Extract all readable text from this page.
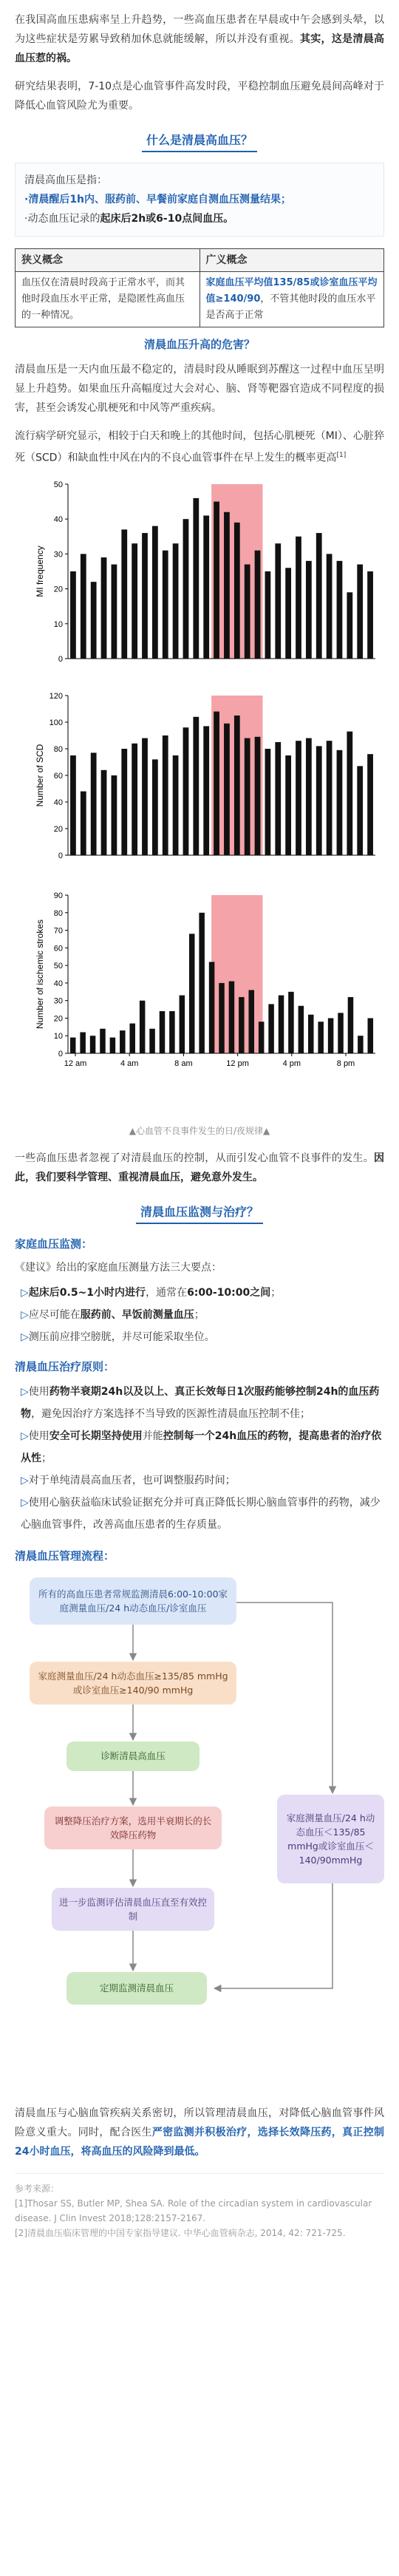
在我国高血压患病率呈上升趋势，一些高血压患者在早晨或中午会感到头晕，以为这些症状是劳累导致稍加休息就能缓解，所以并没有重视。其实，这是清晨高血压惹的祸。

研究结果表明，7-10点是心血管事件高发时段，平稳控制血压避免晨间高峰对于降低心血管风险尤为重要。

什么是清晨高血压？
清晨高血压是指：
·清晨醒后1h内、服药前、早餐前家庭自测血压测量结果；
·动态血压记录的起床后2h或6-10点间血压。
狭义概念	广义概念
血压仅在清晨时段高于正常水平，而其他时段血压水平正常，是隐匿性高血压的一种情况。	家庭血压平均值135/85或诊室血压平均值≥140/90，不管其他时段的血压水平是否高于正常
清晨血压升高的危害？

清晨血压是一天内血压最不稳定的，清晨时段从睡眠到苏醒这一过程中血压呈明显上升趋势。如果血压升高幅度过大会对心、脑、肾等靶器官造成不同程度的损害，甚至会诱发心肌梗死和中风等严重疾病。

流行病学研究显示，相较于白天和晚上的其他时间，包括心肌梗死（MI）、心脏猝死（SCD）和缺血性中风在内的不良心血管事件在早上发生的概率更高[1]

0
10
20
30
40
50
MI frequency
0
20
40
60
80
100
120
Number of SCD
0
10
20
30
40
50
60
70
80
90
Number of ischemic strokes
12 am	4 am	8 am	12 pm	4 pm	8 pm
▲心血管不良事件发生的日/夜规律▲

一些高血压患者忽视了对清晨血压的控制，从而引发心血管不良事件的发生。因此，我们要科学管理、重视清晨血压，避免意外发生。

清晨血压监测与治疗？
家庭血压监测：

《建议》给出的家庭血压测量方法三大要点：

▷起床后0.5~1小时内进行，通常在6:00-10:00之间；
▷应尽可能在服药前、早饭前测量血压；
▷测压前应排空膀胱，并尽可能采取坐位。
清晨血压治疗原则：
▷使用药物半衰期24h以及以上、真正长效每日1次服药能够控制24h的血压药物，避免因治疗方案选择不当导致的医源性清晨血压控制不佳；
▷使用安全可长期坚持使用并能控制每一个24h血压的药物，提高患者的治疗依从性；
▷对于单纯清晨高血压者，也可调整服药时间；
▷使用心脑获益临床试验证据充分并可真正降低长期心脑血管事件的药物，减少心脑血管事件，改善高血压患者的生存质量。
清晨血压管理流程：
所有的高血压患者常规监测清晨6:00-10:00家庭测量血压/24 h动态血压/诊室血压
家庭测量血压/24 h动态血压≥135/85 mmHg或诊室血压≥140/90 mmHg
诊断清晨高血压
调整降压治疗方案，选用半衰期长的长效降压药物
进一步监测评估清晨血压直至有效控制
定期监测清晨血压
家庭测量血压/24 h动态血压＜135/85 mmHg或诊室血压＜140/90mmHg

清晨血压与心脑血管疾病关系密切，所以管理清晨血压，对降低心脑血管事件风险意义重大。同时，配合医生严密监测并积极治疗，选择长效降压药，真正控制24小时血压，将高血压的风险降到最低。

参考来源：
[1]Thosar SS, Butler MP, Shea SA. Role of the circadian system in cardiovascular disease. J Clin Invest 2018;128:2157-2167.
[2]清晨血压临床管理的中国专家指导建议. 中华心血管病杂志, 2014, 42: 721-725.
